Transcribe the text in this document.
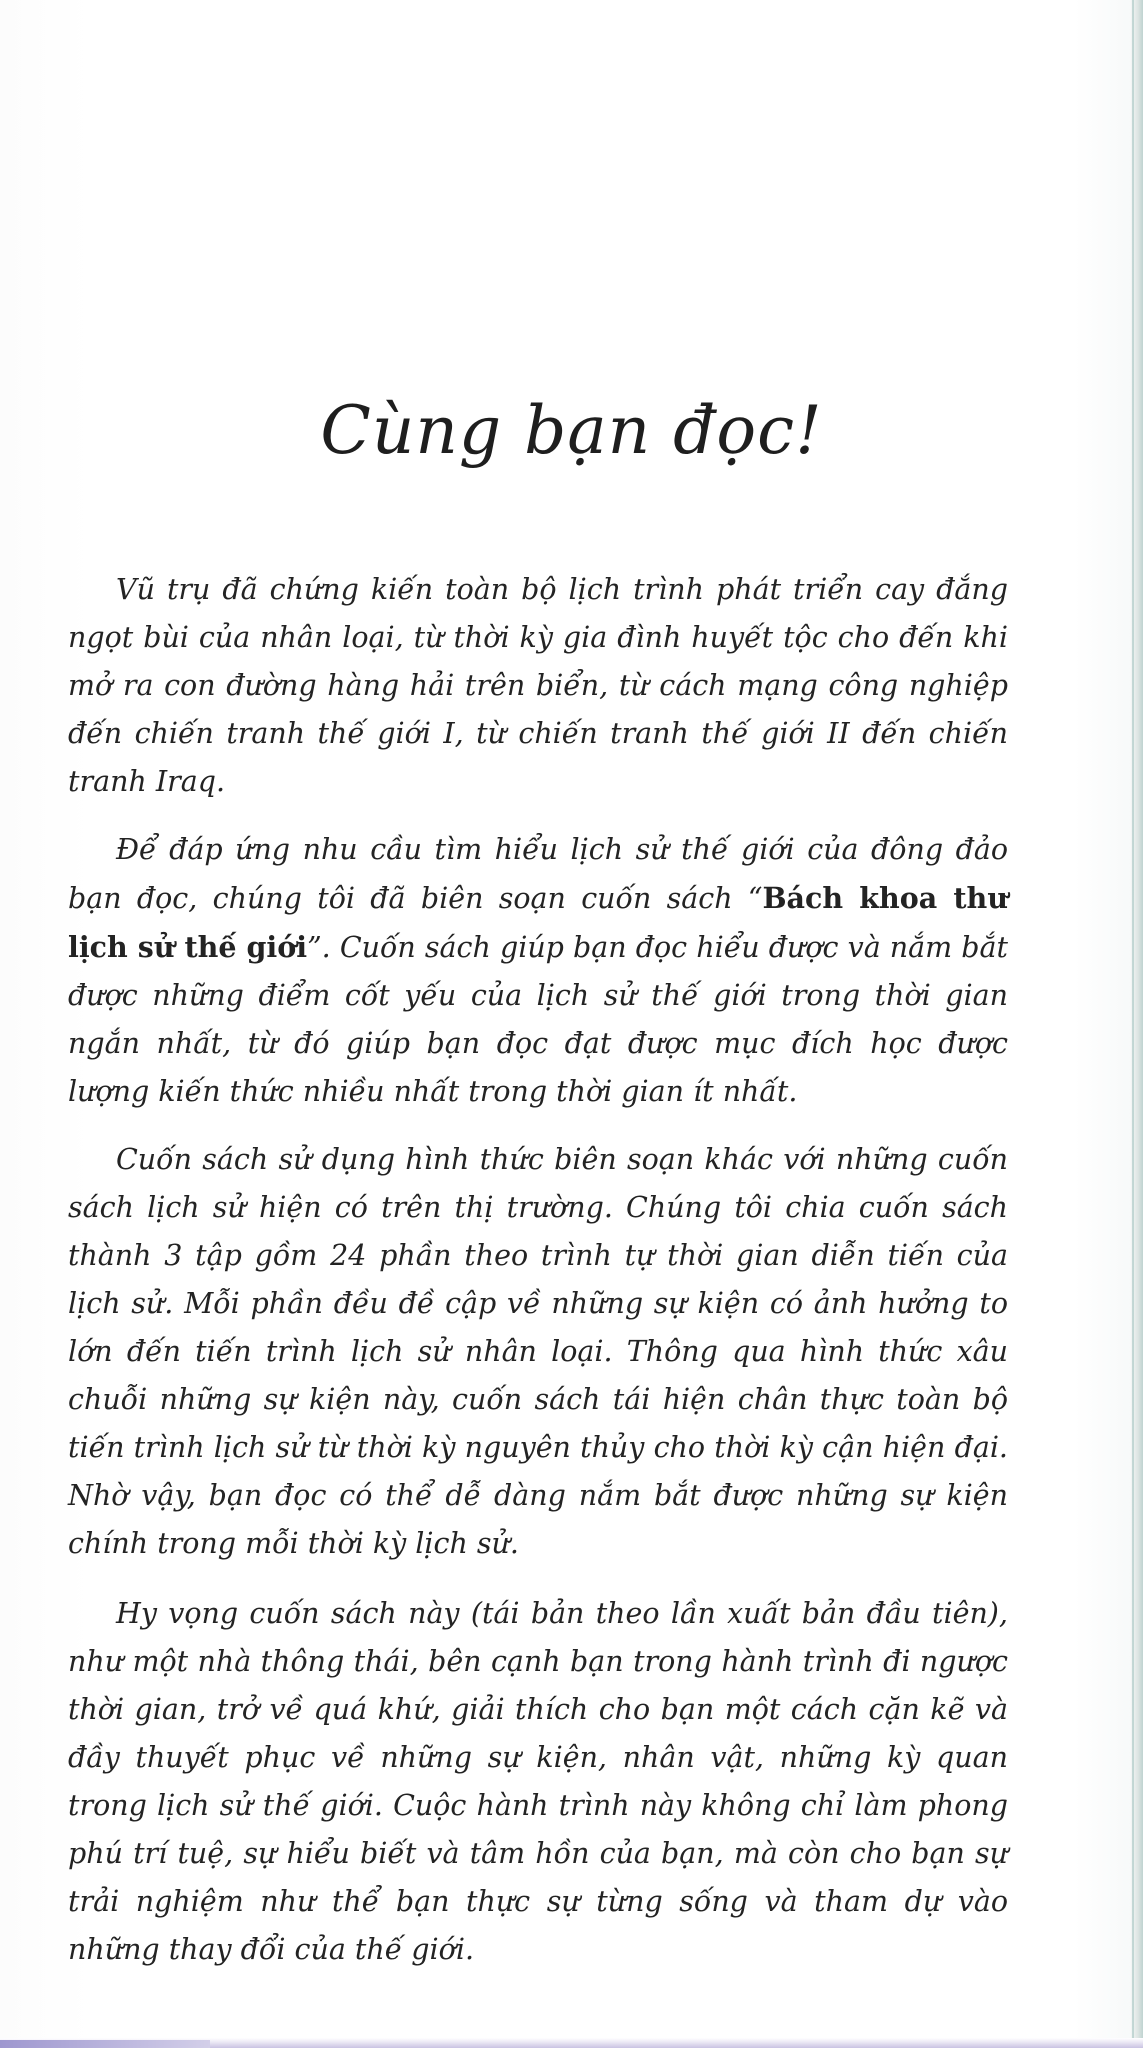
Cùng bạn đọc!

Vũ trụ đã chứng kiến toàn bộ lịch trình phát triển cay đắng ngọt bùi của nhân loại, từ thời kỳ gia đình huyết tộc cho đến khi mở ra con đường hàng hải trên biển, từ cách mạng công nghiệp đến chiến tranh thế giới I, từ chiến tranh thế giới II đến chiến tranh Iraq.

Để đáp ứng nhu cầu tìm hiểu lịch sử thế giới của đông đảo bạn đọc, chúng tôi đã biên soạn cuốn sách “Bách khoa thư lịch sử thế giới”. Cuốn sách giúp bạn đọc hiểu được và nắm bắt được những điểm cốt yếu của lịch sử thế giới trong thời gian ngắn nhất, từ đó giúp bạn đọc đạt được mục đích học được lượng kiến thức nhiều nhất trong thời gian ít nhất.

Cuốn sách sử dụng hình thức biên soạn khác với những cuốn sách lịch sử hiện có trên thị trường. Chúng tôi chia cuốn sách thành 3 tập gồm 24 phần theo trình tự thời gian diễn tiến của lịch sử. Mỗi phần đều đề cập về những sự kiện có ảnh hưởng to lớn đến tiến trình lịch sử nhân loại. Thông qua hình thức xâu chuỗi những sự kiện này, cuốn sách tái hiện chân thực toàn bộ tiến trình lịch sử từ thời kỳ nguyên thủy cho thời kỳ cận hiện đại. Nhờ vậy, bạn đọc có thể dễ dàng nắm bắt được những sự kiện chính trong mỗi thời kỳ lịch sử.

Hy vọng cuốn sách này (tái bản theo lần xuất bản đầu tiên), như một nhà thông thái, bên cạnh bạn trong hành trình đi ngược thời gian, trở về quá khứ, giải thích cho bạn một cách cặn kẽ và đầy thuyết phục về những sự kiện, nhân vật, những kỳ quan trong lịch sử thế giới. Cuộc hành trình này không chỉ làm phong phú trí tuệ, sự hiểu biết và tâm hồn của bạn, mà còn cho bạn sự trải nghiệm như thể bạn thực sự từng sống và tham dự vào những thay đổi của thế giới.
